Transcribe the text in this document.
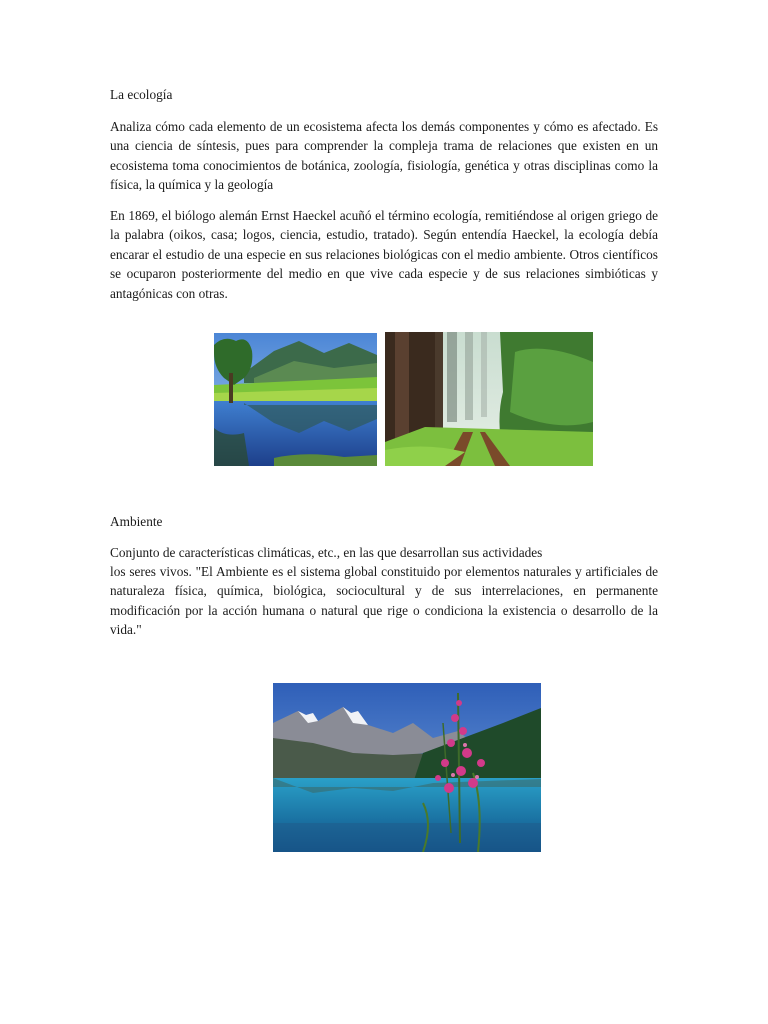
La ecología

Analiza cómo cada elemento de un ecosistema afecta los demás componentes y cómo es afectado. Es una ciencia de síntesis, pues para comprender la compleja trama de relaciones que existen en un ecosistema toma conocimientos de botánica, zoología, fisiología, genética y otras disciplinas como la física, la química y la geología

En 1869, el biólogo alemán Ernst Haeckel acuñó el término ecología, remitiéndose al origen griego de la palabra (oikos, casa; logos, ciencia, estudio, tratado). Según entendía Haeckel, la ecología debía encarar el estudio de una especie en sus relaciones biológicas con el medio ambiente. Otros científicos se ocuparon posteriormente del medio en que vive cada especie y de sus relaciones simbióticas y antagónicas con otras.

Ambiente

Conjunto de características climáticas, etc., en las que desarrollan sus actividades

los seres vivos. "El Ambiente es el sistema global constituido por elementos naturales y artificiales de naturaleza física, química, biológica, sociocultural y de sus interrelaciones, en permanente modificación por la acción humana o natural que rige o condiciona la existencia o desarrollo de la vida."
